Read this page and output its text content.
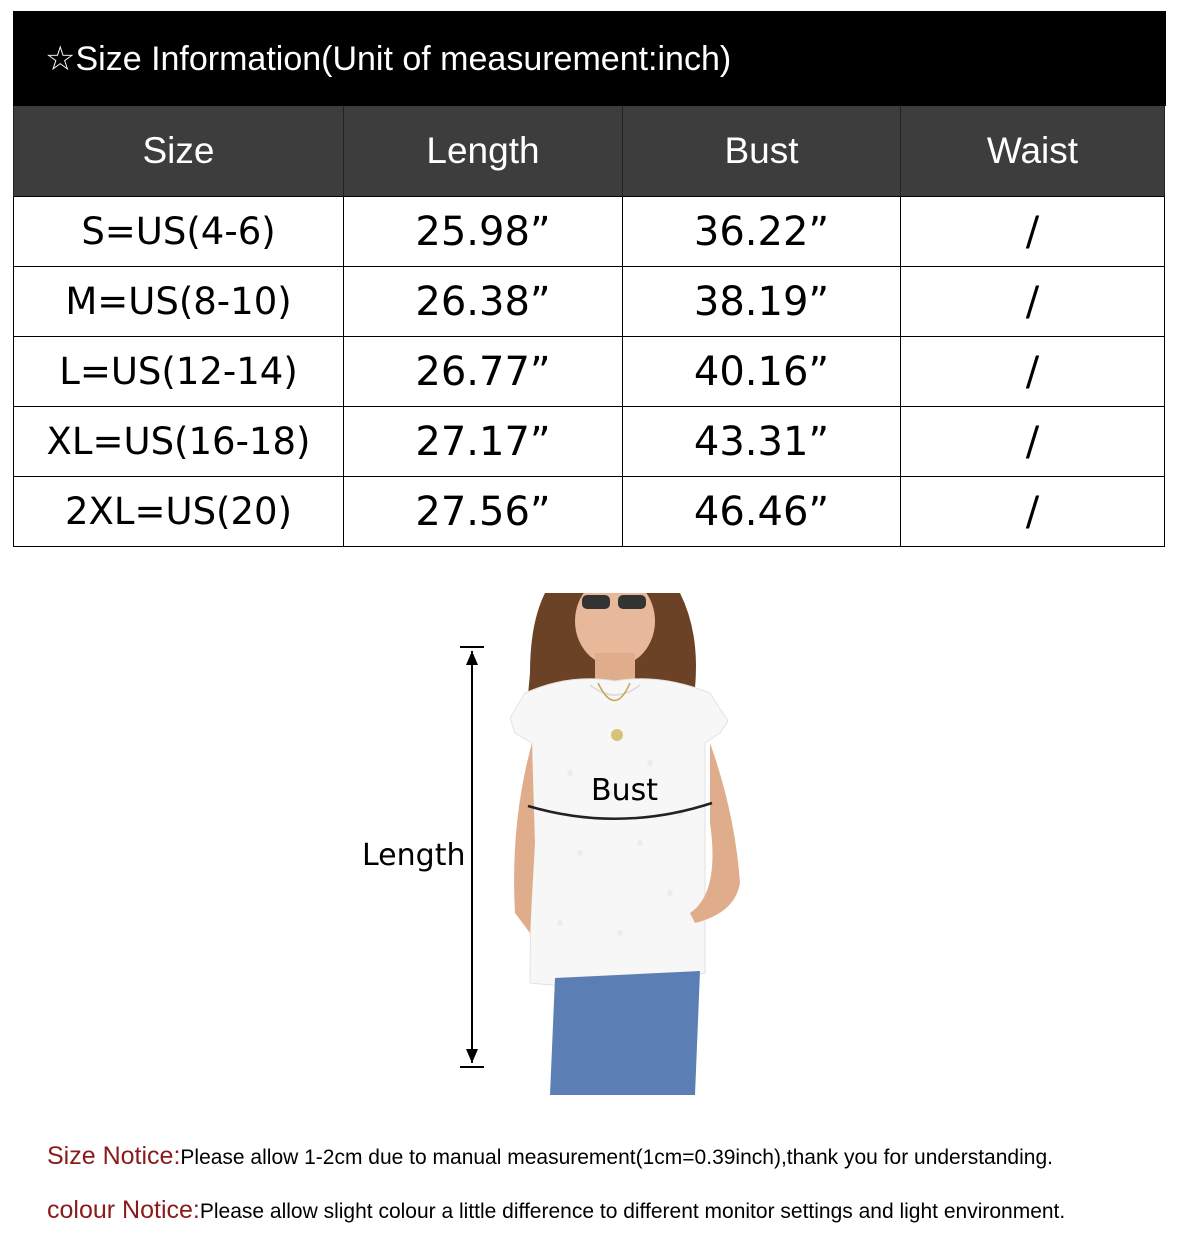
☆Size Information(Unit of measurement:inch)
Size	Length	Bust	Waist
S=US(4-6)	25.98”	36.22”	/
M=US(8-10)	26.38”	38.19”	/
L=US(12-14)	26.77”	40.16”	/
XL=US(16-18)	27.17”	43.31”	/
2XL=US(20)	27.56”	46.46”	/
Length
Bust
Size Notice:Please allow 1-2cm due to manual measurement(1cm=0.39inch),thank you for understanding.
colour Notice:Please allow slight colour a little difference to different monitor settings and light environment.
